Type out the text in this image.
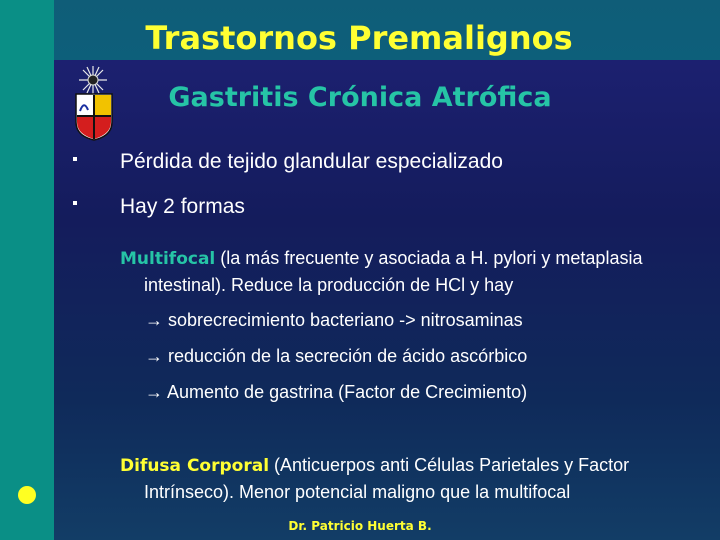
Trastornos Premalignos
Gastritis Crónica Atrófica
Pérdida de tejido glandular especializado
Hay 2 formas
Multifocal (la más frecuente y asociada a H. pylori y metaplasia
intestinal). Reduce la producción de HCl y hay
→ sobrecrecimiento bacteriano -> nitrosaminas
→ reducción de la secreción de ácido ascórbico
→ Aumento de gastrina (Factor de Crecimiento)
Difusa Corporal (Anticuerpos anti Células Parietales y Factor
Intrínseco). Menor potencial maligno que la multifocal
Dr. Patricio Huerta B.
